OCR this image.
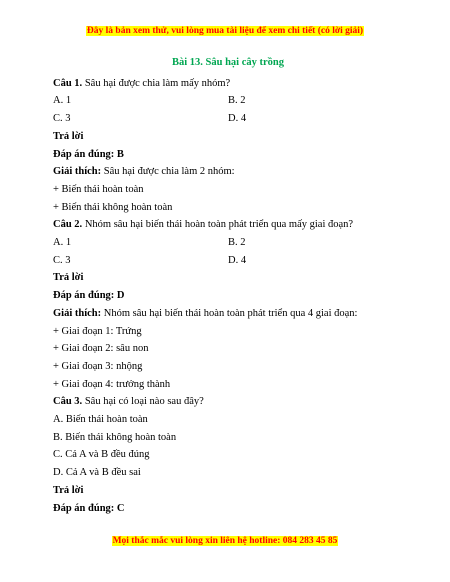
Đây là bản xem thử, vui lòng mua tài liệu để xem chi tiết (có lời giải)
Bài 13. Sâu hại cây trồng
Câu 1. Sâu hại được chia làm mấy nhóm?
A. 1	B. 2
C. 3	D. 4
Trả lời
Đáp án đúng: B
Giải thích: Sâu hại được chia làm 2 nhóm:
+ Biến thái hoàn toàn
+ Biến thái không hoàn toàn
Câu 2. Nhóm sâu hại biến thái hoàn toàn phát triển qua mấy giai đoạn?
A. 1	B. 2
C. 3	D. 4
Trả lời
Đáp án đúng: D
Giải thích: Nhóm sâu hại biến thái hoàn toàn phát triển qua 4 giai đoạn:
+ Giai đoạn 1: Trứng
+ Giai đoạn 2: sâu non
+ Giai đoạn 3: nhộng
+ Giai đoạn 4: trưởng thành
Câu 3. Sâu hại có loại nào sau đây?
A. Biến thái hoàn toàn
B. Biến thái không hoàn toàn
C. Cả A và B đều đúng
D. Cả A và B đều sai
Trả lời
Đáp án đúng: C
Mọi thắc mắc vui lòng xin liên hệ hotline: 084 283 45 85
